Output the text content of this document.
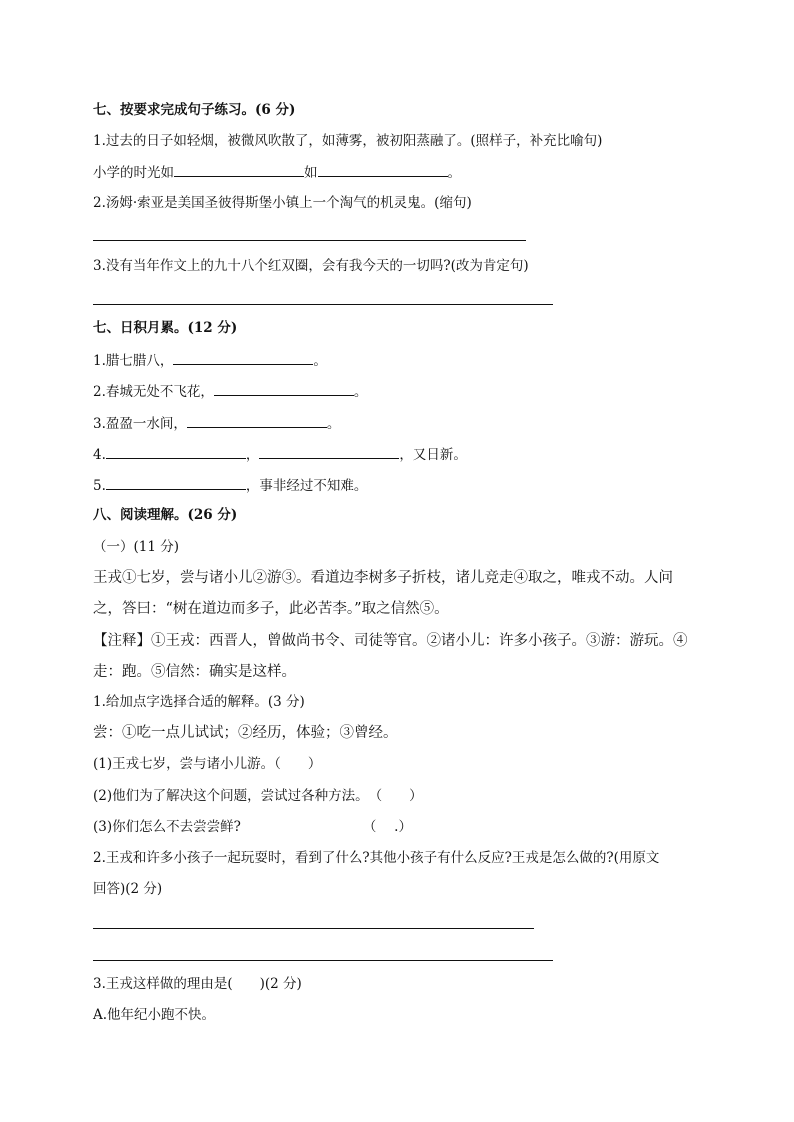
七、按要求完成句子练习。(6 分)
1.过去的日子如轻烟，被微风吹散了，如薄雾，被初阳蒸融了。(照样子，补充比喻句)
小学的时光如	如	。
2.汤姆·索亚是美国圣彼得斯堡小镇上一个淘气的机灵鬼。(缩句)
3.没有当年作文上的九十八个红双圈，会有我今天的一切吗?(改为肯定句)
七、日积月累。(12 分)
1.腊七腊八，	。
2.春城无处不飞花，	。
3.盈盈一水间，	。
4.	，	，又日新。
5.	，事非经过不知难。
八、阅读理解。(26 分)
（一）(11 分)
王戎①七岁，尝与诸小儿②游③。看道边李树多子折枝，诸儿竞走④取之，唯戎不动。人问
之，答曰：“树在道边而多子，此必苦李。”取之信然⑤。
【注释】①王戎：西晋人，曾做尚书令、司徒等官。②诸小儿：许多小孩子。③游：游玩。④
走：跑。⑤信然：确实是这样。
1.给加点字选择合适的解释。(3 分)
尝：①吃一点儿试试；②经历，体验；③曾经。
(1)王戎七岁，尝与诸小儿游。（　　）
(2)他们为了解决这个问题，尝试过各种方法。　（　　）
(3)你们怎么不去尝尝鲜?	（　 .）
2.王戎和许多小孩子一起玩耍时，看到了什么?其他小孩子有什么反应?王戎是怎么做的?(用原文
回答)(2 分)
3.王戎这样做的理由是(　　)(2 分)
A.他年纪小跑不快。
